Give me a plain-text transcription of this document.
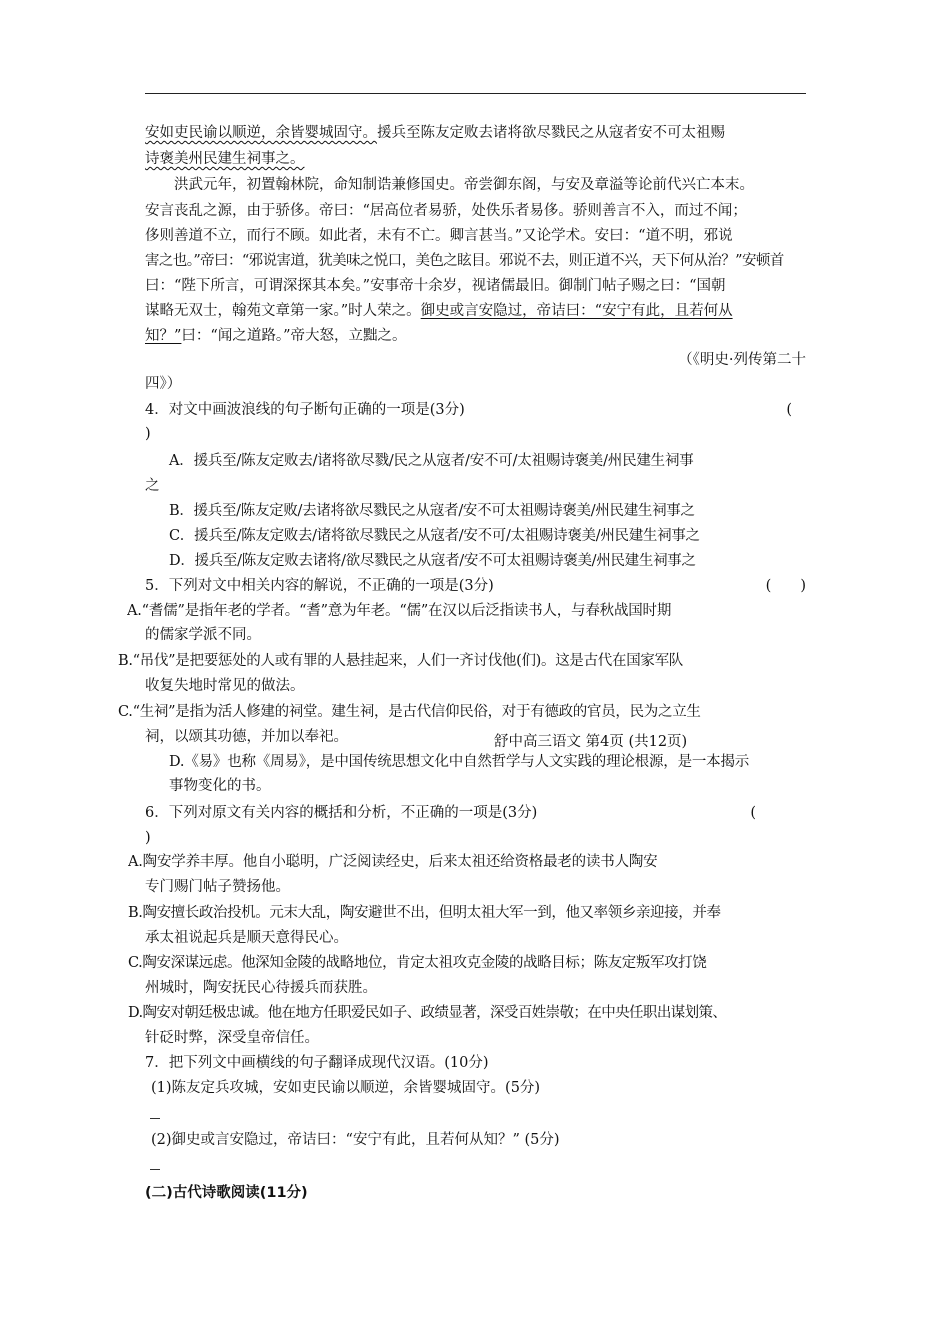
安如吏民谕以顺逆，余皆婴城固守。援兵至陈友定败去诸将欲尽戮民之从寇者安不可太祖赐
诗褒美州民建生祠事之。
　　洪武元年，初置翰林院，命知制诰兼修国史。帝尝御东阁，与安及章溢等论前代兴亡本末。
安言丧乱之源，由于骄侈。帝曰：“居高位者易骄，处佚乐者易侈。骄则善言不入，而过不闻；
侈则善道不立，而行不顾。如此者，未有不亡。卿言甚当。”又论学术。安曰：“道不明，邪说
害之也。”帝曰：“邪说害道，犹美味之悦口，美色之眩目。邪说不去，则正道不兴，天下何从治？”安顿首
曰：“陛下所言，可谓深探其本矣。”安事帝十余岁，视诸儒最旧。御制门帖子赐之曰：“国朝
谋略无双士，翰苑文章第一家。”时人荣之。御史或言安隐过，帝诘曰：“安宁有此，且若何从
知？”曰：“闻之道路。”帝大怒，立黜之。
（《明史·列传第二十
四》）
4．对文中画波浪线的句子断句正确的一项是(3分)	(
)
A．援兵至/陈友定败去/诸将欲尽戮/民之从寇者/安不可/太祖赐诗褒美/州民建生祠事
之
B．援兵至/陈友定败/去诸将欲尽戮民之从寇者/安不可太祖赐诗褒美/州民建生祠事之
C．援兵至/陈友定败去/诸将欲尽戮民之从寇者/安不可/太祖赐诗褒美/州民建生祠事之
D．援兵至/陈友定败去诸将/欲尽戮民之从寇者/安不可太祖赐诗褒美/州民建生祠事之
5．下列对文中相关内容的解说，不正确的一项是(3分)	(　　)
A.“耆儒”是指年老的学者。“耆”意为年老。“儒”在汉以后泛指读书人，与春秋战国时期
的儒家学派不同。
B.“吊伐”是把要惩处的人或有罪的人悬挂起来，人们一齐讨伐他(们)。这是古代在国家军队
收复失地时常见的做法。
C.“生祠”是指为活人修建的祠堂。建生祠，是古代信仰民俗，对于有德政的官员，民为之立生
祠，以颂其功德，并加以奉祀。	舒中高三语文 第4页 (共12页)
D.《易》也称《周易》，是中国传统思想文化中自然哲学与人文实践的理论根源，是一本揭示
事物变化的书。
6．下列对原文有关内容的概括和分析，不正确的一项是(3分)	(
)
A.陶安学养丰厚。他自小聪明，广泛阅读经史，后来太祖还给资格最老的读书人陶安
专门赐门帖子赞扬他。
B.陶安擅长政治投机。元末大乱，陶安避世不出，但明太祖大军一到，他又率领乡亲迎接，并奉
承太祖说起兵是顺天意得民心。
C.陶安深谋远虑。他深知金陵的战略地位，肯定太祖攻克金陵的战略目标；陈友定叛军攻打饶
州城时，陶安抚民心待援兵而获胜。
D.陶安对朝廷极忠诚。他在地方任职爱民如子、政绩显著，深受百姓崇敬；在中央任职出谋划策、
针砭时弊，深受皇帝信任。
7．把下列文中画横线的句子翻译成现代汉语。(10分)
(1)陈友定兵攻城，安如吏民谕以顺逆，余皆婴城固守。(5分)
(2)御史或言安隐过，帝诘曰：“安宁有此，且若何从知？” (5分)
(二)古代诗歌阅读(11分)
